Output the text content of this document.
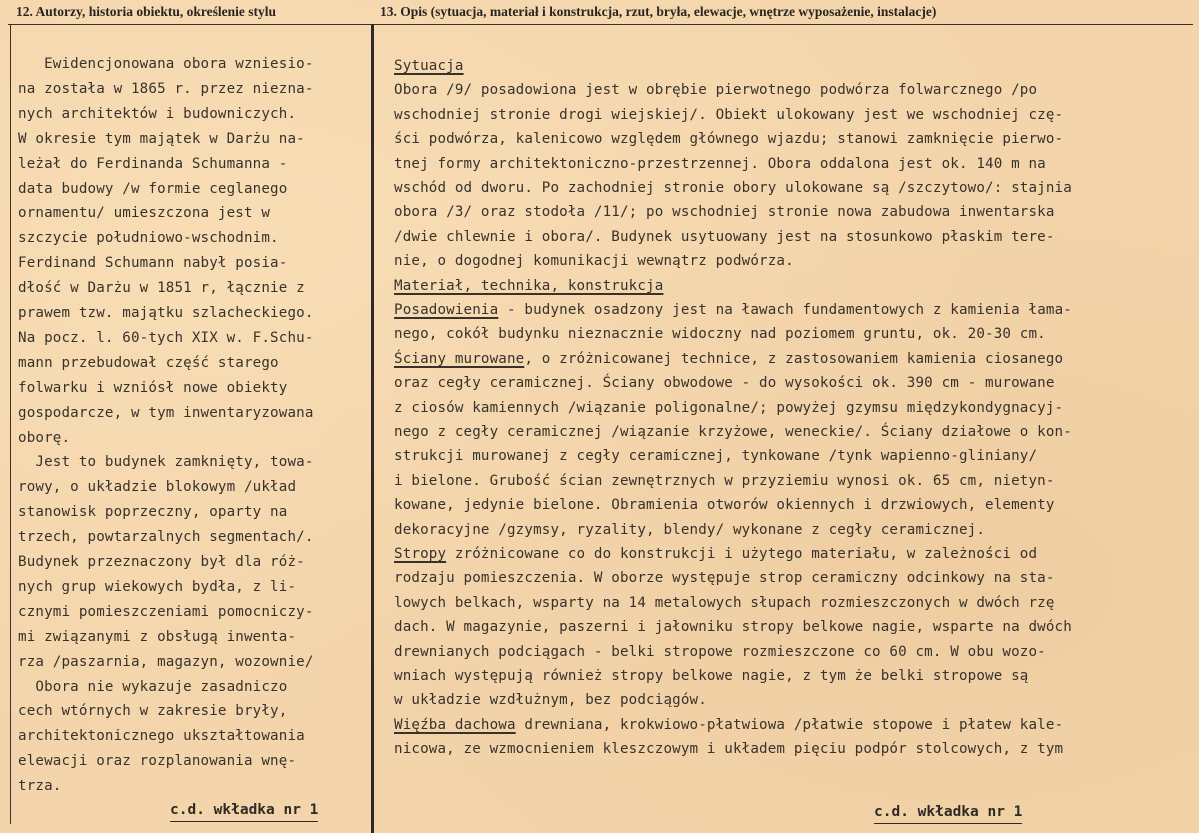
12. Autorzy, historia obiektu, określenie stylu	13. Opis (sytuacja, materiał i konstrukcja, rzut, bryła, elewacje, wnętrze wyposażenie, instalacje)
Ewidencjonowana obora wzniesio-
na została w 1865 r. przez niezna-
nych architektów i budowniczych.
W okresie tym majątek w Darżu na-
leżał do Ferdinanda Schumanna -
data budowy /w formie ceglanego
ornamentu/ umieszczona jest w
szczycie południowo-wschodnim.
Ferdinand Schumann nabył posia-
dłość w Darżu w 1851 r, łącznie z
prawem tzw. majątku szlacheckiego.
Na pocz. l. 60-tych XIX w. F.Schu-
mann przebudował część starego
folwarku i wzniósł nowe obiekty
gospodarcze, w tym inwentaryzowana
oborę.
Jest to budynek zamknięty, towa-
rowy, o układzie blokowym /układ
stanowisk poprzeczny, oparty na
trzech, powtarzalnych segmentach/.
Budynek przeznaczony był dla róż-
nych grup wiekowych bydła, z li-
cznymi pomieszczeniami pomocniczy-
mi związanymi z obsługą inwenta-
rza /paszarnia, magazyn, wozownie/
Obora nie wykazuje zasadniczo
cech wtórnych w zakresie bryły,
architektonicznego ukształtowania
elewacji oraz rozplanowania wnę-
trza.
Sytuacja
Obora /9/ posadowiona jest w obrębie pierwotnego podwórza folwarcznego /po
wschodniej stronie drogi wiejskiej/. Obiekt ulokowany jest we wschodniej czę-
ści podwórza, kalenicowo względem głównego wjazdu; stanowi zamknięcie pierwo-
tnej formy architektoniczno-przestrzennej. Obora oddalona jest ok. 140 m na
wschód od dworu. Po zachodniej stronie obory ulokowane są /szczytowo/: stajnia
obora /3/ oraz stodoła /11/; po wschodniej stronie nowa zabudowa inwentarska
/dwie chlewnie i obora/. Budynek usytuowany jest na stosunkowo płaskim tere-
nie, o dogodnej komunikacji wewnątrz podwórza.
Materiał, technika, konstrukcja
Posadowienia - budynek osadzony jest na ławach fundamentowych z kamienia łama-
nego, cokół budynku nieznacznie widoczny nad poziomem gruntu, ok. 20-30 cm.
Ściany murowane, o zróżnicowanej technice, z zastosowaniem kamienia ciosanego
oraz cegły ceramicznej. Ściany obwodowe - do wysokości ok. 390 cm - murowane
z ciosów kamiennych /wiązanie poligonalne/; powyżej gzymsu międzykondygnacyj-
nego z cegły ceramicznej /wiązanie krzyżowe, weneckie/. Ściany działowe o kon-
strukcji murowanej z cegły ceramicznej, tynkowane /tynk wapienno-gliniany/
i bielone. Grubość ścian zewnętrznych w przyziemiu wynosi ok. 65 cm, nietyn-
kowane, jedynie bielone. Obramienia otworów okiennych i drzwiowych, elementy
dekoracyjne /gzymsy, ryzality, blendy/ wykonane z cegły ceramicznej.
Stropy zróżnicowane co do konstrukcji i użytego materiału, w zależności od
rodzaju pomieszczenia. W oborze występuje strop ceramiczny odcinkowy na sta-
lowych belkach, wsparty na 14 metalowych słupach rozmieszczonych w dwóch rzę
dach. W magazynie, paszerni i jałowniku stropy belkowe nagie, wsparte na dwóch
drewnianych podciągach - belki stropowe rozmieszczone co 60 cm. W obu wozo-
wniach występują również stropy belkowe nagie, z tym że belki stropowe są
w układzie wzdłużnym, bez podciągów.
Więźba dachowa drewniana, krokwiowo-płatwiowa /płatwie stopowe i płatew kale-
nicowa, ze wzmocnieniem kleszczowym i układem pięciu podpór stolcowych, z tym
c.d. wkładka nr 1	c.d. wkładka nr 1
